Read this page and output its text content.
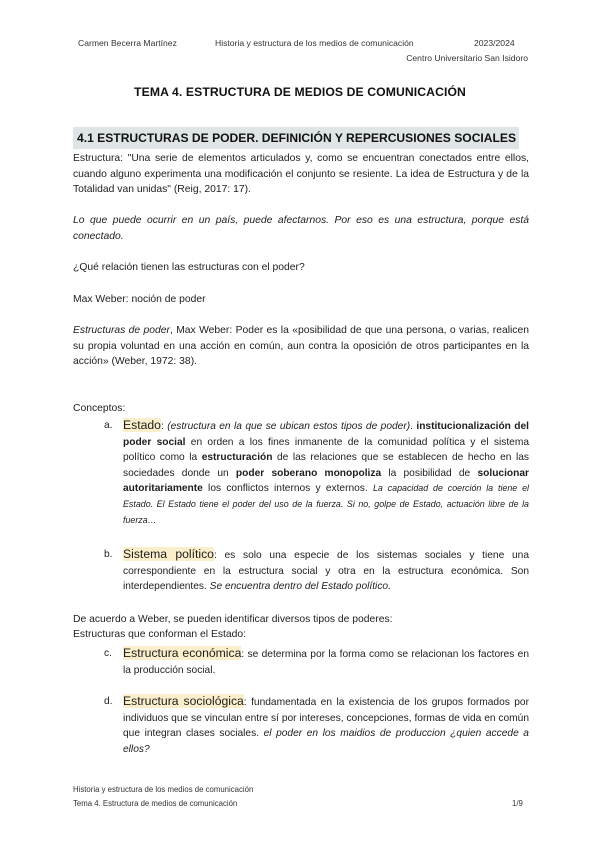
Carmen Becerra Martínez	Historia y estructura de los medios de comunicación	2023/2024
Centro Universitario San Isidoro
TEMA 4. ESTRUCTURA DE MEDIOS DE COMUNICACIÓN
4.1 ESTRUCTURAS DE PODER. DEFINICIÓN Y REPERCUSIONES SOCIALES

Estructura: "Una serie de elementos articulados y, como se encuentran conectados entre ellos, cuando alguno experimenta una modificación el conjunto se resiente. La idea de Estructura y de la Totalidad van unidas" (Reig, 2017: 17).

Lo que puede ocurrir en un país, puede afectarnos. Por eso es una estructura, porque está conectado.

¿Qué relación tienen las estructuras con el poder?

Max Weber: noción de poder

Estructuras de poder, Max Weber: Poder es la «posibilidad de que una persona, o varias, realicen su propia voluntad en una acción en común, aun contra la oposición de otros participantes en la acción» (Weber, 1972: 38).

Conceptos:

a. Estado: (estructura en la que se ubican estos tipos de poder). institucionalización del poder social en orden a los fines inmanente de la comunidad política y el sistema político como la estructuración de las relaciones que se establecen de hecho en las sociedades donde un poder soberano monopoliza la posibilidad de solucionar autoritariamente los conflictos internos y externos. La capacidad de coerción la tiene el Estado. El Estado tiene el poder del uso de la fuerza. Si no, golpe de Estado, actuación libre de la fuerza…
b. Sistema político: es solo una especie de los sistemas sociales y tiene una correspondiente en la estructura social y otra en la estructura económica. Son interdependientes. Se encuentra dentro del Estado político.

De acuerdo a Weber, se pueden identificar diversos tipos de poderes:

Estructuras que conforman el Estado:

c. Estructura económica: se determina por la forma como se relacionan los factores en la producción social.
d. Estructura sociológica: fundamentada en la existencia de los grupos formados por individuos que se vinculan entre sí por intereses, concepciones, formas de vida en común que integran clases sociales. el poder en los maidios de produccion ¿quien accede a ellos?
Historia y estructura de los medios de comunicación
Tema 4. Estructura de medios de comunicación	1/9
